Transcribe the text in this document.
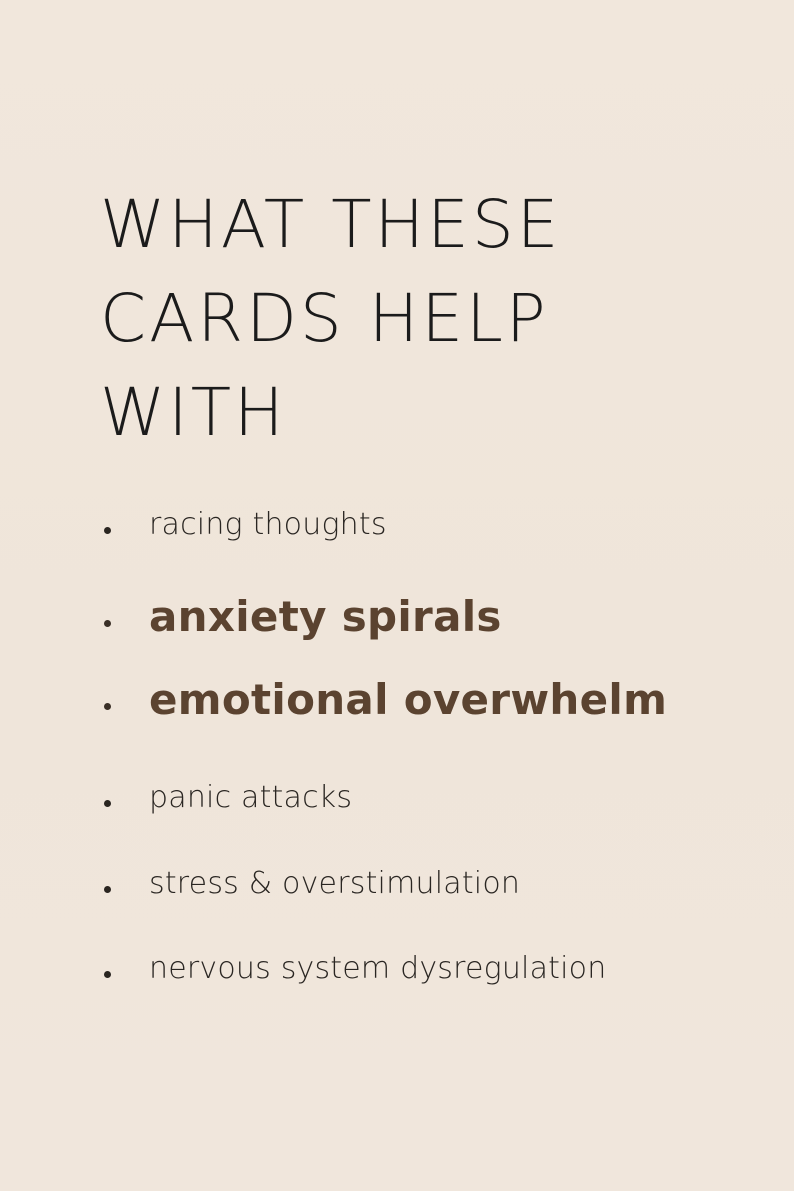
WHAT THESE
CARDS HELP
WITH
racing thoughts
anxiety spirals
emotional overwhelm
panic attacks
stress & overstimulation
nervous system dysregulation
